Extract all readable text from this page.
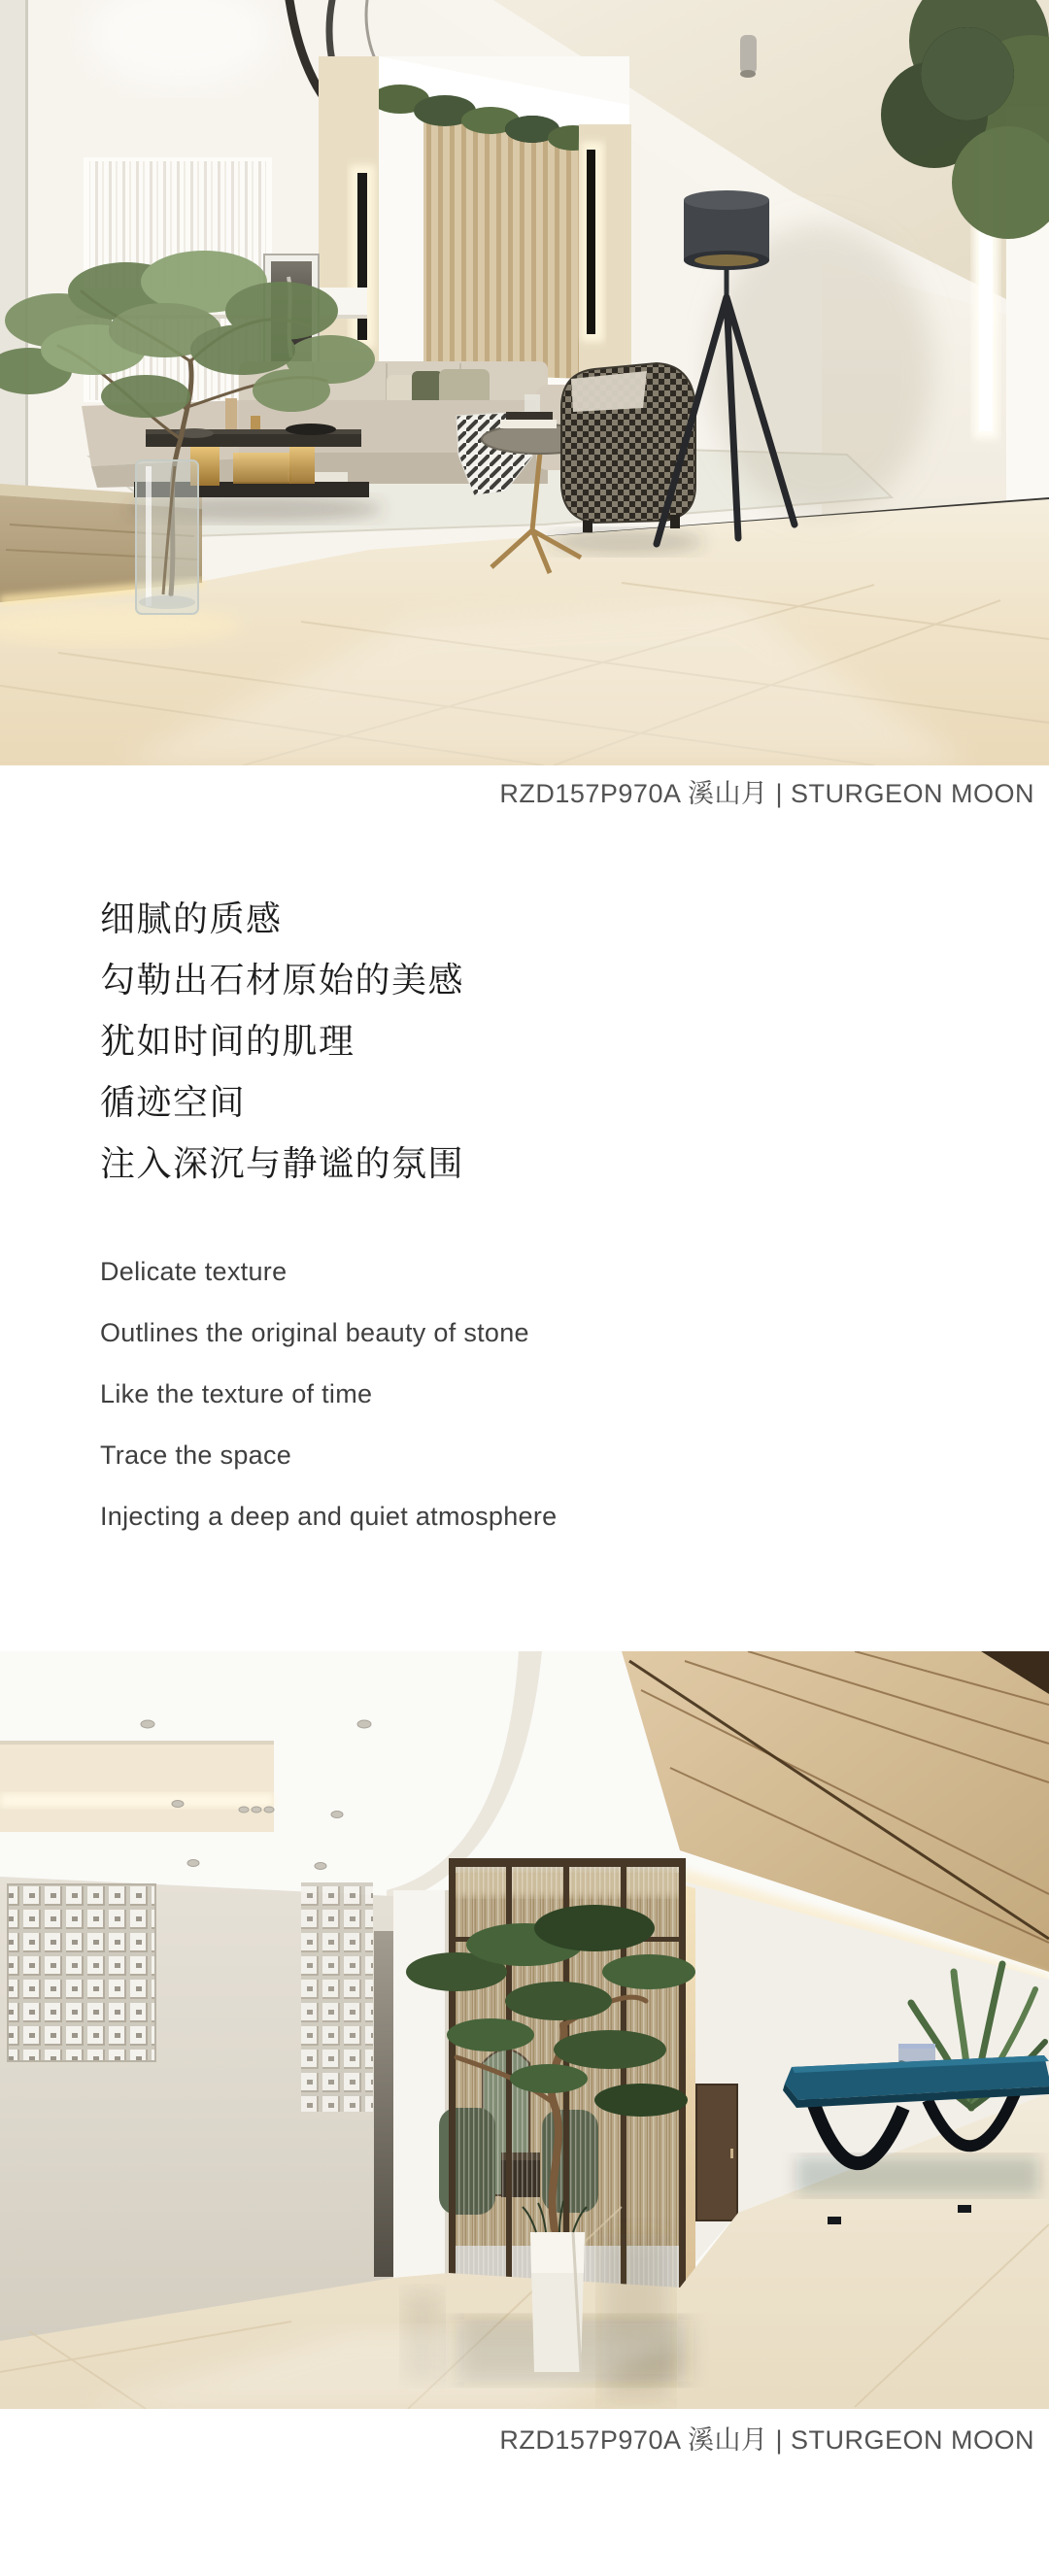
RZD157P970A 溪山月 | STURGEON MOON
细腻的质感
勾勒出石材原始的美感
犹如时间的肌理
循迹空间
注入深沉与静谧的氛围
Delicate texture
Outlines the original beauty of stone
Like the texture of time
Trace the space
Injecting a deep and quiet atmosphere
RZD157P970A 溪山月 | STURGEON MOON
